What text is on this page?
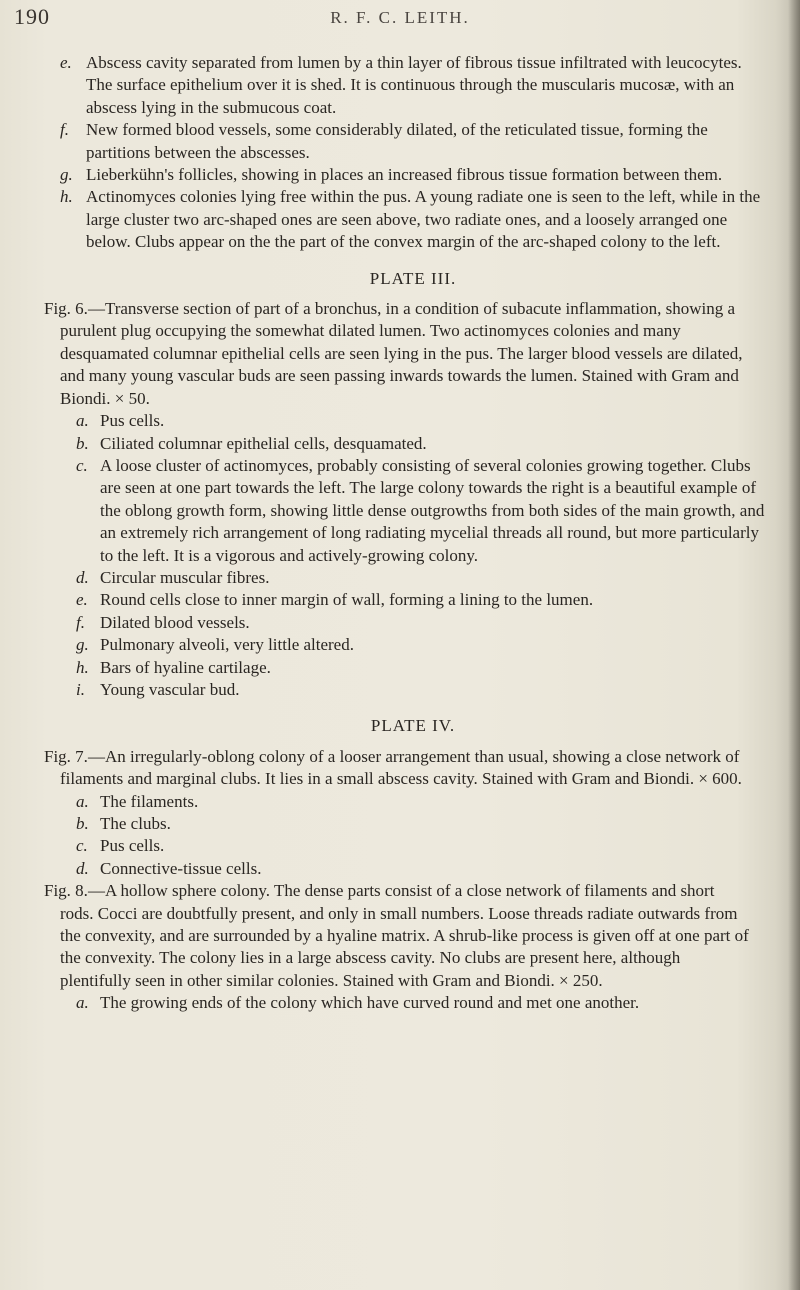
190	R. F. C. LEITH.

e. Abscess cavity separated from lumen by a thin layer of fibrous tissue infiltrated with leucocytes. The surface epithelium over it is shed. It is continuous through the muscularis mucosæ, with an abscess lying in the submucous coat.

f. New formed blood vessels, some considerably dilated, of the reticulated tissue, forming the partitions between the abscesses.

g. Lieberkühn's follicles, showing in places an increased fibrous tissue formation between them.

h. Actinomyces colonies lying free within the pus. A young radiate one is seen to the left, while in the large cluster two arc-shaped ones are seen above, two radiate ones, and a loosely arranged one below. Clubs appear on the the part of the convex margin of the arc-shaped colony to the left.

PLATE III.

Fig. 6.—Transverse section of part of a bronchus, in a condition of subacute inflammation, showing a purulent plug occupying the somewhat dilated lumen. Two actinomyces colonies and many desquamated columnar epithelial cells are seen lying in the pus. The larger blood vessels are dilated, and many young vascular buds are seen passing inwards towards the lumen. Stained with Gram and Biondi. × 50.

a. Pus cells.

b. Ciliated columnar epithelial cells, desquamated.

c. A loose cluster of actinomyces, probably consisting of several colonies growing together. Clubs are seen at one part towards the left. The large colony towards the right is a beautiful example of the oblong growth form, showing little dense outgrowths from both sides of the main growth, and an extremely rich arrangement of long radiating mycelial threads all round, but more particularly to the left. It is a vigorous and actively-growing colony.

d. Circular muscular fibres.

e. Round cells close to inner margin of wall, forming a lining to the lumen.

f. Dilated blood vessels.

g. Pulmonary alveoli, very little altered.

h. Bars of hyaline cartilage.

i. Young vascular bud.

PLATE IV.

Fig. 7.—An irregularly-oblong colony of a looser arrangement than usual, showing a close network of filaments and marginal clubs. It lies in a small abscess cavity. Stained with Gram and Biondi. × 600.

a. The filaments.

b. The clubs.

c. Pus cells.

d. Connective-tissue cells.

Fig. 8.—A hollow sphere colony. The dense parts consist of a close network of filaments and short rods. Cocci are doubtfully present, and only in small numbers. Loose threads radiate outwards from the convexity, and are surrounded by a hyaline matrix. A shrub-like process is given off at one part of the convexity. The colony lies in a large abscess cavity. No clubs are present here, although plentifully seen in other similar colonies. Stained with Gram and Biondi. × 250.

a. The growing ends of the colony which have curved round and met one another.
